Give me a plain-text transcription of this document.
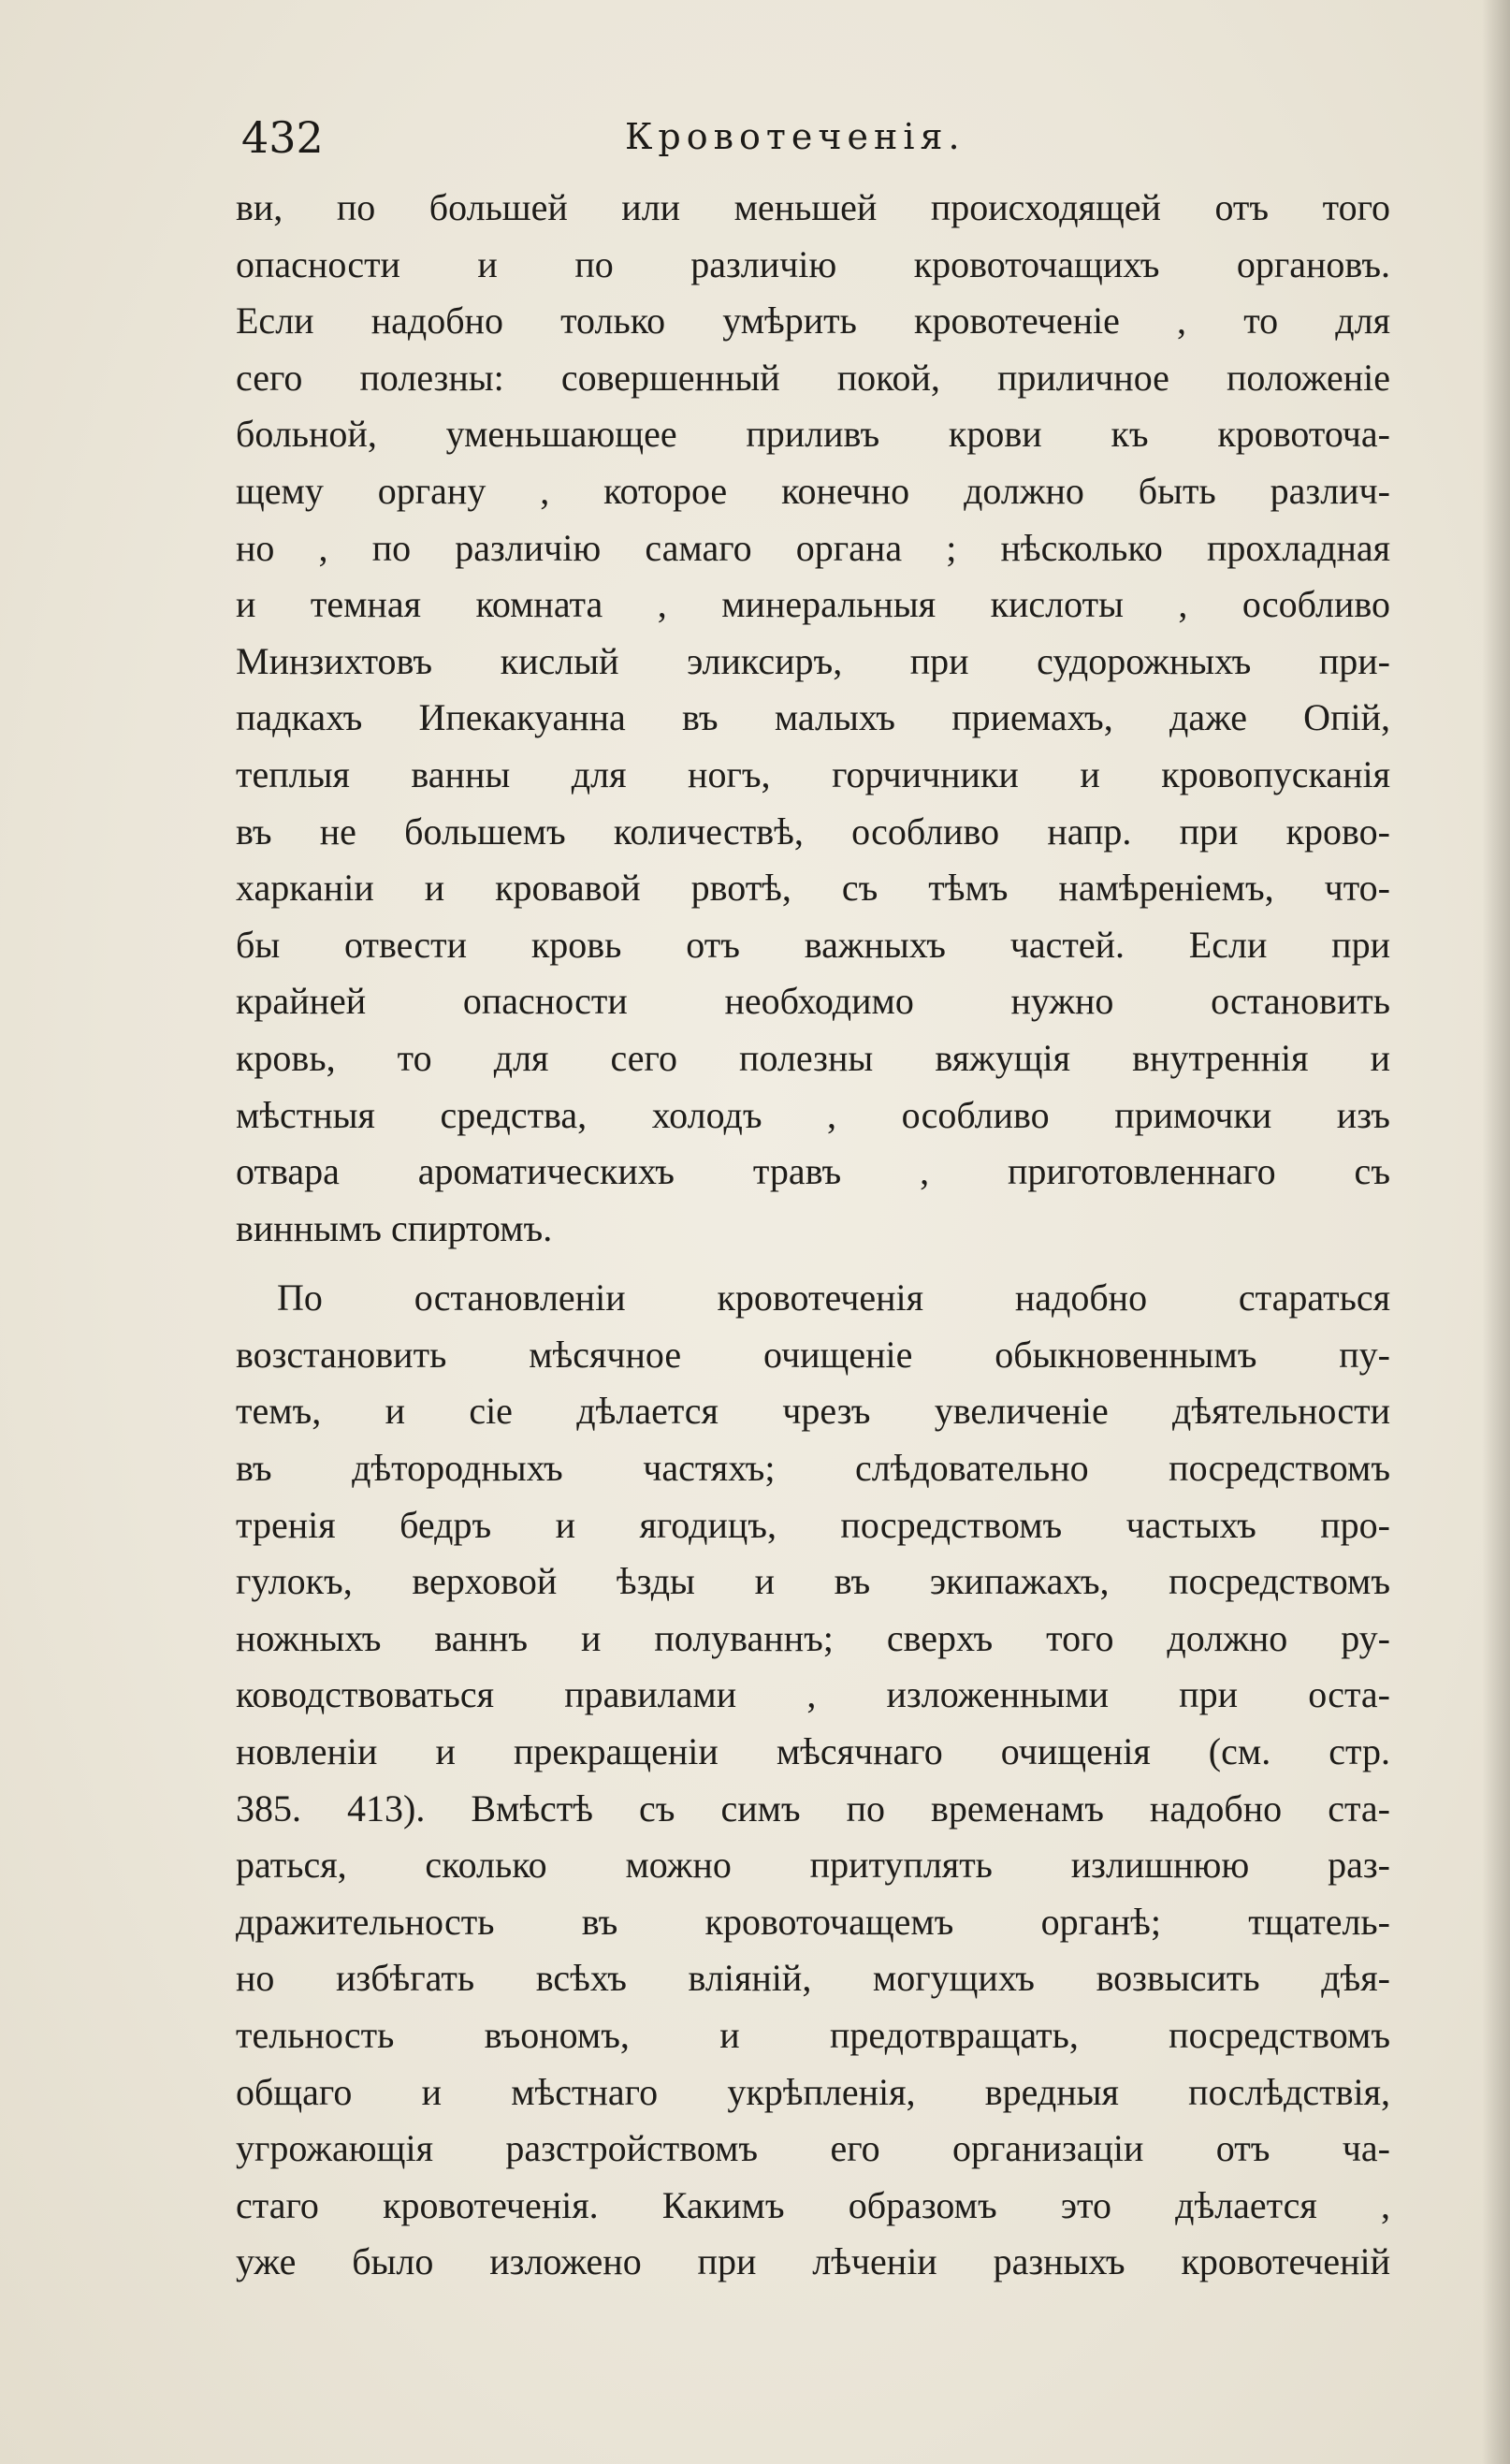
432	Кровотеченія.
ви, по большей или меньшей происходящей отъ того
опасности и по различію кровоточащихъ органовъ.
Если надобно только умѣрить кровотеченіе , то для
сего полезны: совершенный покой, приличное положеніе
больной, уменьшающее приливъ крови къ кровоточа-
щему органу , которое конечно должно быть различ-
но , по различію самаго органа ; нѣсколько прохладная
и темная комната , минеральныя кислоты , особливо
Минзихтовъ кислый эликсиръ, при судорожныхъ при-
падкахъ Ипекакуанна въ малыхъ приемахъ, даже Опій,
теплыя ванны для ногъ, горчичники и кровопусканія
въ не большемъ количествѣ, особливо напр. при крово-
харканіи и кровавой рвотѣ, съ тѣмъ намѣреніемъ, что-
бы отвести кровь отъ важныхъ частей. Если при
крайней опасности необходимо нужно остановить
кровь, то для сего полезны вяжущія внутреннія и
мѣстныя средства, холодъ , особливо примочки изъ
отвара ароматическихъ травъ , приготовленнаго съ
виннымъ спиртомъ.
По остановленіи кровотеченія надобно стараться
возстановить мѣсячное очищеніе обыкновеннымъ пу-
темъ, и сіе дѣлается чрезъ увеличеніе дѣятельности
въ дѣтородныхъ частяхъ; слѣдовательно посредствомъ
тренія бедръ и ягодицъ, посредствомъ частыхъ про-
гулокъ, верховой ѣзды и въ экипажахъ, посредствомъ
ножныхъ ваннъ и полуваннъ; сверхъ того должно ру-
ководствоваться правилами , изложенными при оста-
новленіи и прекращеніи мѣсячнаго очищенія (см. стр.
385. 413). Вмѣстѣ съ симъ по временамъ надобно ста-
раться, сколько можно притуплять излишнюю раз-
дражительность въ кровоточащемъ органѣ; тщатель-
но избѣгать всѣхъ вліяній, могущихъ возвысить дѣя-
тельность въономъ, и предотвращать, посредствомъ
общаго и мѣстнаго укрѣпленія, вредныя послѣдствія,
угрожающія разстройствомъ его организаціи отъ ча-
стаго кровотеченія. Какимъ образомъ это дѣлается ,
уже было изложено при лѣченіи разныхъ кровотеченій
